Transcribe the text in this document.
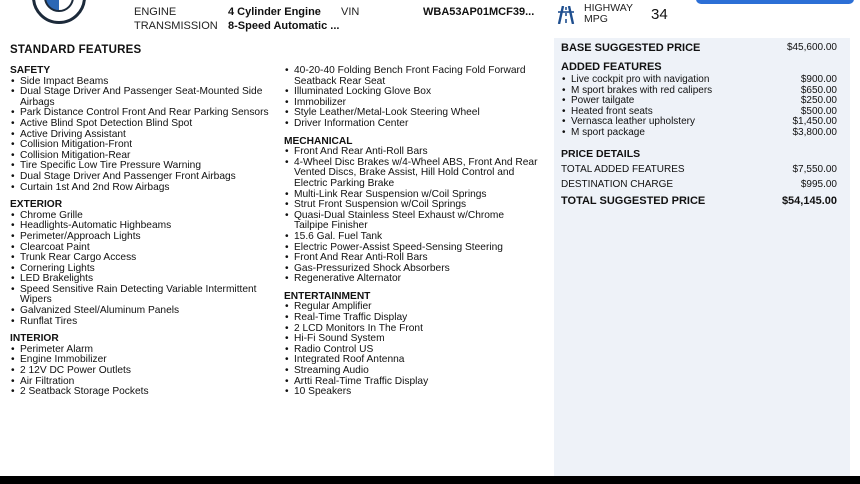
ENGINE	4 Cylinder Engine
TRANSMISSION 8-Speed Automatic ...
VIN	WBA53AP01MCF39...	HIGHWAY
MPG	34
STANDARD FEATURES
SAFETY
• Side Impact Beams
• Dual Stage Driver And Passenger Seat-Mounted Side Airbags
• Park Distance Control Front And Rear Parking Sensors
• Active Blind Spot Detection Blind Spot
• Active Driving Assistant
• Collision Mitigation-Front
• Collision Mitigation-Rear
• Tire Specific Low Tire Pressure Warning
• Dual Stage Driver And Passenger Front Airbags
• Curtain 1st And 2nd Row Airbags
EXTERIOR
• Chrome Grille
• Headlights-Automatic Highbeams
• Perimeter/Approach Lights
• Clearcoat Paint
• Trunk Rear Cargo Access
• Cornering Lights
• LED Brakelights
• Speed Sensitive Rain Detecting Variable Intermittent Wipers
• Galvanized Steel/Aluminum Panels
• Runflat Tires
INTERIOR
• Perimeter Alarm
• Engine Immobilizer
• 2 12V DC Power Outlets
• Air Filtration
• 2 Seatback Storage Pockets
• 40-20-40 Folding Bench Front Facing Fold Forward Seatback Rear Seat
• Illuminated Locking Glove Box
• Immobilizer
• Style Leather/Metal-Look Steering Wheel
• Driver Information Center
MECHANICAL
• Front And Rear Anti-Roll Bars
• 4-Wheel Disc Brakes w/4-Wheel ABS, Front And Rear Vented Discs, Brake Assist, Hill Hold Control and Electric Parking Brake
• Multi-Link Rear Suspension w/Coil Springs
• Strut Front Suspension w/Coil Springs
• Quasi-Dual Stainless Steel Exhaust w/Chrome Tailpipe Finisher
• 15.6 Gal. Fuel Tank
• Electric Power-Assist Speed-Sensing Steering
• Front And Rear Anti-Roll Bars
• Gas-Pressurized Shock Absorbers
• Regenerative Alternator
ENTERTAINMENT
• Regular Amplifier
• Real-Time Traffic Display
• 2 LCD Monitors In The Front
• Hi-Fi Sound System
• Radio Control US
• Integrated Roof Antenna
• Streaming Audio
• Artti Real-Time Traffic Display
• 10 Speakers
BASE SUGGESTED PRICE	$45,600.00
ADDED FEATURES
• Live cockpit pro with navigation	$900.00
• M sport brakes with red calipers	$650.00
• Power tailgate	$250.00
• Heated front seats	$500.00
• Vernasca leather upholstery	$1,450.00
• M sport package	$3,800.00
PRICE DETAILS
TOTAL ADDED FEATURES	$7,550.00
DESTINATION CHARGE	$995.00
TOTAL SUGGESTED PRICE	$54,145.00
